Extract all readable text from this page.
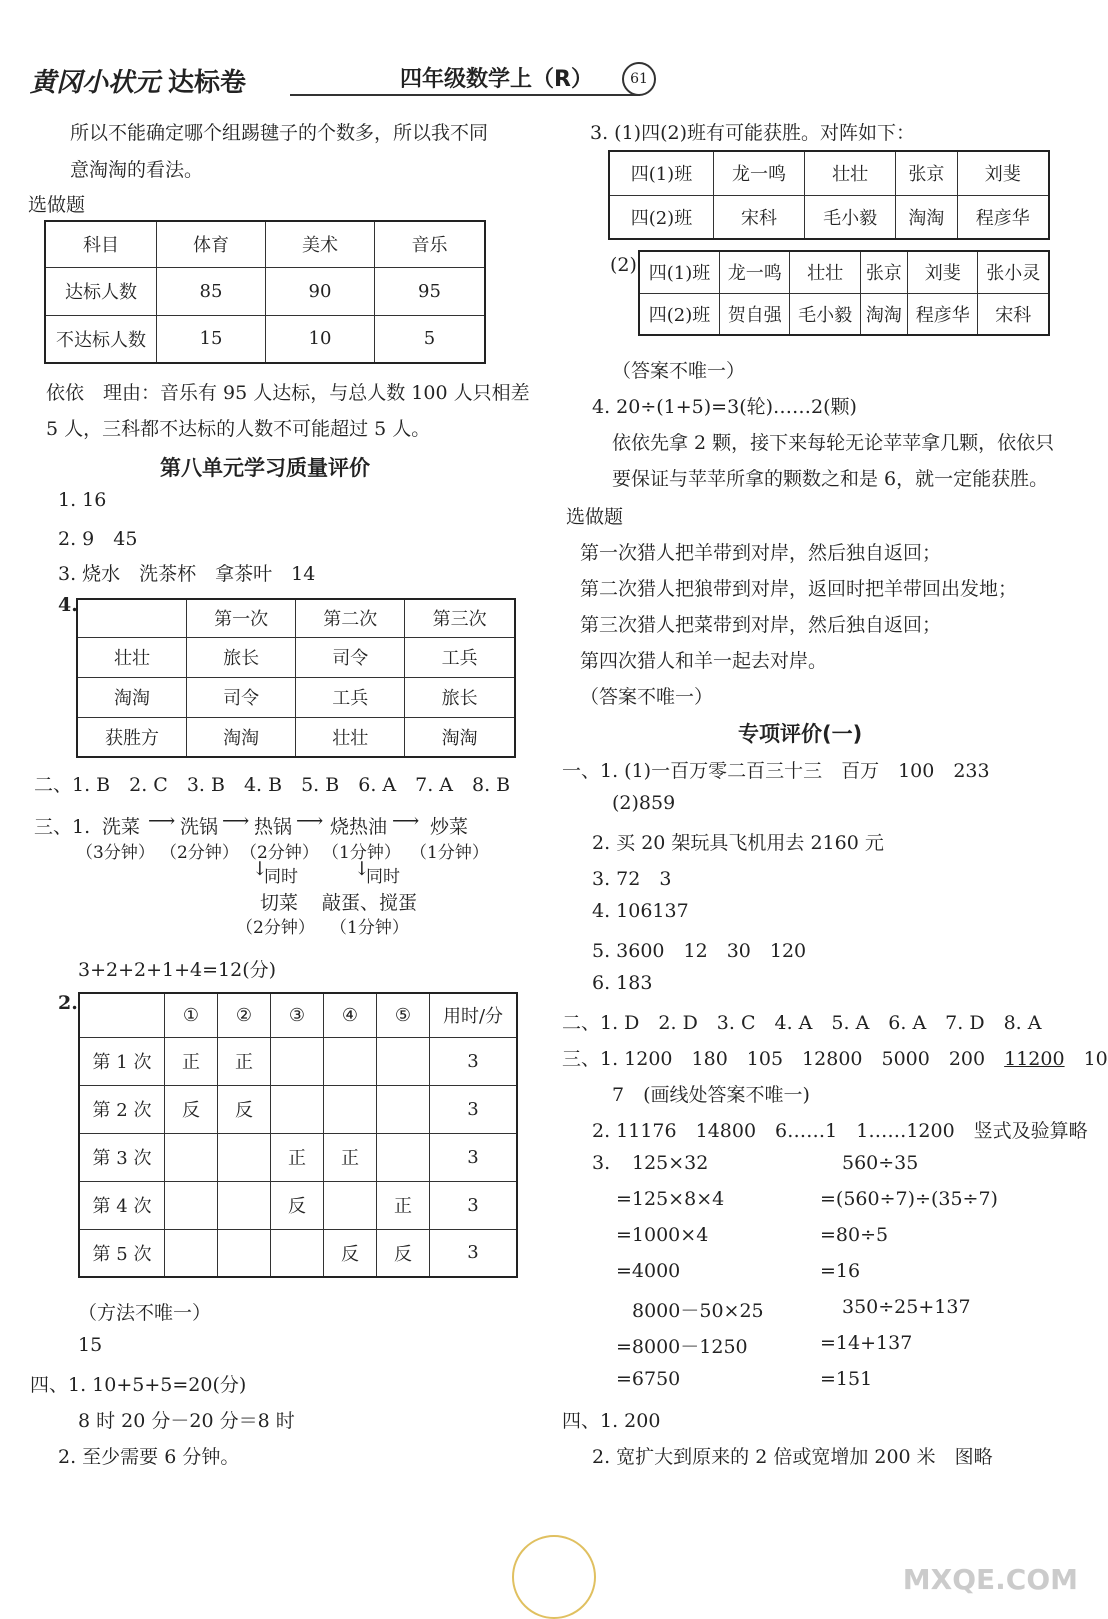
黄冈小状元 达标卷	四年级数学上（R）	61
所以不能确定哪个组踢毽子的个数多，所以我不同
意淘淘的看法。
选做题
科目	体育	美术	音乐
达标人数	85	90	95
不达标人数	15	10	5
依依　理由：音乐有 95 人达标，与总人数 100 人只相差
5 人，三科都不达标的人数不可能超过 5 人。
第八单元学习质量评价
1. 16
2. 9　45
3. 烧水　洗茶杯　拿茶叶　14
4.
	第一次	第二次	第三次
壮壮	旅长	司令	工兵
淘淘	司令	工兵	旅长
获胜方	淘淘	壮壮	淘淘
二、1. B　2. C　3. B　4. B　5. B　6. A　7. A　8. B
三、1. 洗菜 ⟶ 洗锅 ⟶ 热锅 ⟶ 烧热油 ⟶ 炒菜
（3分钟） （2分钟） （2分钟） （1分钟） （1分钟）
↓
同时	↓
同时
切菜 敲蛋、搅蛋
（2分钟） （1分钟）
3+2+2+1+4=12(分)
2.
	①	②	③	④	⑤	用时/分
第 1 次	正	正				3
第 2 次	反	反				3
第 3 次			正	正		3
第 4 次			反		正	3
第 5 次				反	反	3
（方法不唯一）
15
四、1. 10+5+5=20(分)
8 时 20 分－20 分＝8 时
2. 至少需要 6 分钟。
3. (1)四(2)班有可能获胜。对阵如下：
四(1)班	龙一鸣	壮壮	张京	刘斐
四(2)班	宋科	毛小毅	淘淘	程彦华
(2) 四(1)班	龙一鸣	壮壮	张京	刘斐	张小灵
四(2)班	贺自强	毛小毅	淘淘	程彦华	宋科
（答案不唯一）
4. 20÷(1+5)=3(轮)……2(颗)
依依先拿 2 颗，接下来每轮无论苹苹拿几颗，依依只
要保证与苹苹所拿的颗数之和是 6，就一定能获胜。
选做题
第一次猎人把羊带到对岸，然后独自返回；
第二次猎人把狼带到对岸，返回时把羊带回出发地；
第三次猎人把菜带到对岸，然后独自返回；
第四次猎人和羊一起去对岸。
（答案不唯一）
专项评价(一)
一、1. (1)一百万零二百三十三　百万　100　233
(2)859
2. 买 20 架玩具飞机用去 2160 元
3. 72　3
4. 106137
5. 3600　12　30　120
6. 183
二、1. D　2. D　3. C　4. A　5. A　6. A　7. D　8. A
三、1. 1200　180　105　12800　5000　200　11200　10
7　(画线处答案不唯一)
2. 11176　14800　6……1　1……1200　竖式及验算略
3. 125×32
=125×8×4
=1000×4
=4000
8000－50×25
=8000－1250
=6750
560÷35
=(560÷7)÷(35÷7)
=80÷5
=16
350÷25+137
=14+137
=151
四、1. 200
2. 宽扩大到原来的 2 倍或宽增加 200 米　图略
MXQE.COM
